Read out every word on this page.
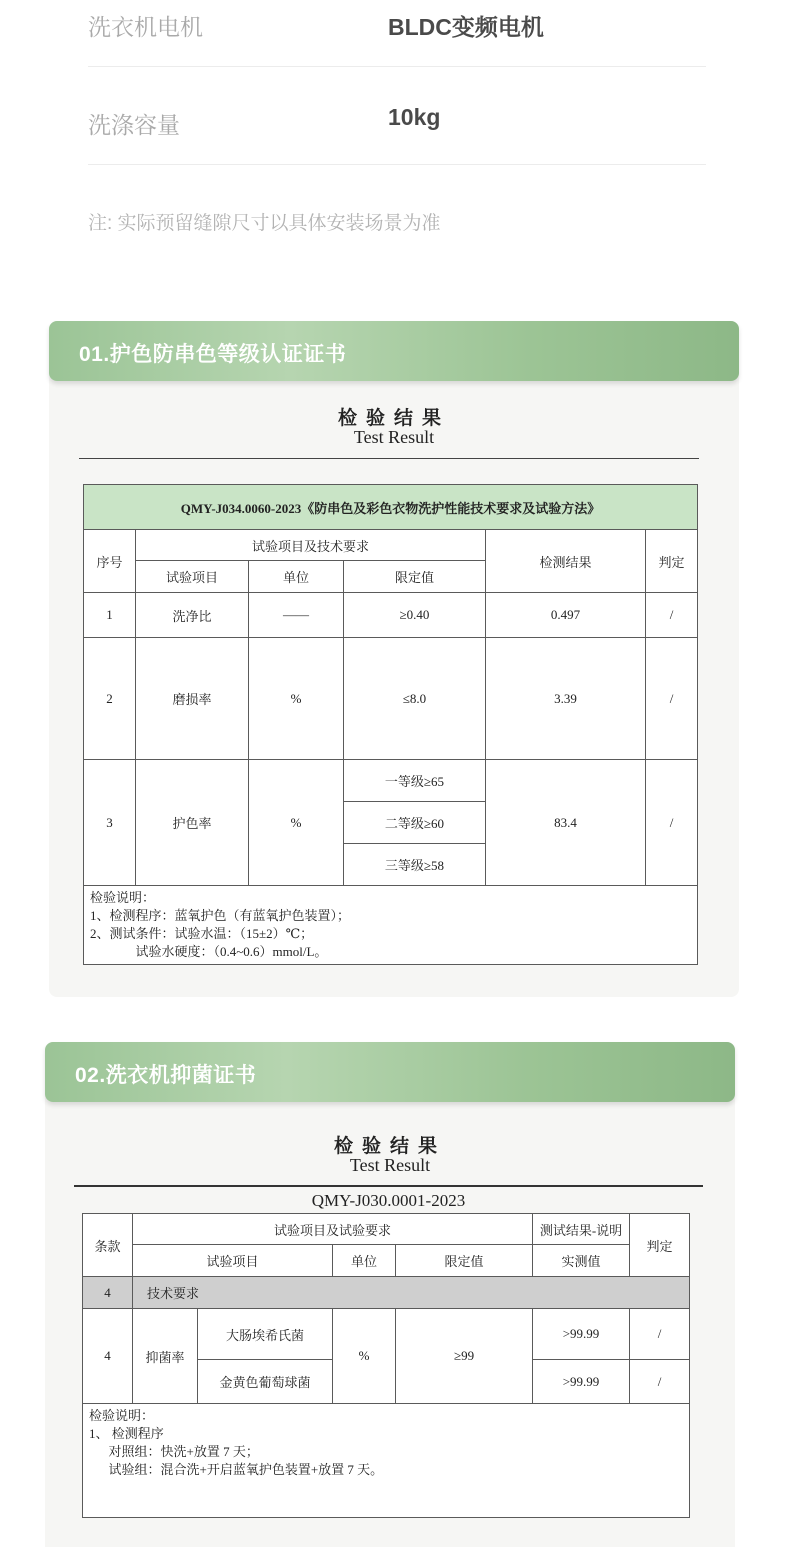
洗衣机电机	BLDC变频电机
洗涤容量	10kg
注: 实际预留缝隙尺寸以具体安装场景为准
01.护色防串色等级认证证书
检验结果
Test Result
QMY-J034.0060-2023《防串色及彩色衣物洗护性能技术要求及试验方法》					
序号	试验项目及技术要求			检测结果	判定
	试验项目	单位	限定值		
1	洗净比	——	≥0.40	0.497	/
2	磨损率	%	≤8.0	3.39	/
3	护色率	%	一等级≥65	83.4	/
			二等级≥60		
			三等级≥58		

检验说明：
1、检测程序：蓝氧护色（有蓝氧护色装置）；
2、测试条件：试验水温：（15±2）℃；
试验水硬度：（0.4~0.6）mmol/L。					
02.洗衣机抑菌证书
检验结果
Test Result
QMY-J030.0001-2023
条款	试验项目及试验要求				测试结果-说明	判定
	试验项目		单位	限定值	实测值	
4	技术要求					
4	抑菌率	大肠埃希氏菌	%	≥99	>99.99	/
		金黄色葡萄球菌			>99.99	/

检验说明：
1、 检测程序
对照组：快洗+放置 7 天；
试验组：混合洗+开启蓝氧护色装置+放置 7 天。						
